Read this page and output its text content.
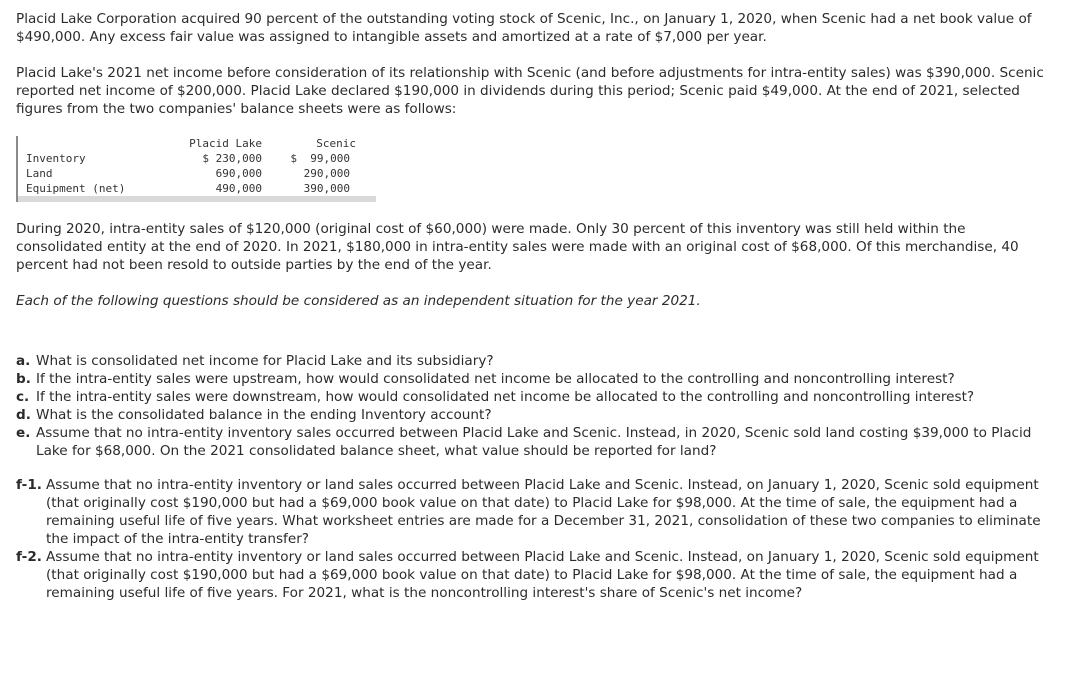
Placid Lake Corporation acquired 90 percent of the outstanding voting stock of Scenic, Inc., on January 1, 2020, when Scenic had a net book value of $490,000. Any excess fair value was assigned to intangible assets and amortized at a rate of $7,000 per year.

Placid Lake's 2021 net income before consideration of its relationship with Scenic (and before adjustments for intra-entity sales) was $390,000. Scenic reported net income of $200,000. Placid Lake declared $190,000 in dividends during this period; Scenic paid $49,000. At the end of 2021, selected figures from the two companies' balance sheets were as follows:

	Placid Lake	Scenic
Inventory	$ 230,000	$  99,000
Land	690,000	290,000
Equipment (net)	490,000	390,000

During 2020, intra-entity sales of $120,000 (original cost of $60,000) were made. Only 30 percent of this inventory was still held within the consolidated entity at the end of 2020. In 2021, $180,000 in intra-entity sales were made with an original cost of $68,000. Of this merchandise, 40 percent had not been resold to outside parties by the end of the year.

Each of the following questions should be considered as an independent situation for the year 2021.

a. What is consolidated net income for Placid Lake and its subsidiary?
b. If the intra-entity sales were upstream, how would consolidated net income be allocated to the controlling and noncontrolling interest?
c. If the intra-entity sales were downstream, how would consolidated net income be allocated to the controlling and noncontrolling interest?
d. What is the consolidated balance in the ending Inventory account?
e. Assume that no intra-entity inventory sales occurred between Placid Lake and Scenic. Instead, in 2020, Scenic sold land costing $39,000 to Placid Lake for $68,000. On the 2021 consolidated balance sheet, what value should be reported for land?
f-1. Assume that no intra-entity inventory or land sales occurred between Placid Lake and Scenic. Instead, on January 1, 2020, Scenic sold equipment (that originally cost $190,000 but had a $69,000 book value on that date) to Placid Lake for $98,000. At the time of sale, the equipment had a remaining useful life of five years. What worksheet entries are made for a December 31, 2021, consolidation of these two companies to eliminate the impact of the intra-entity transfer?
f-2. Assume that no intra-entity inventory or land sales occurred between Placid Lake and Scenic. Instead, on January 1, 2020, Scenic sold equipment (that originally cost $190,000 but had a $69,000 book value on that date) to Placid Lake for $98,000. At the time of sale, the equipment had a remaining useful life of five years. For 2021, what is the noncontrolling interest's share of Scenic's net income?
